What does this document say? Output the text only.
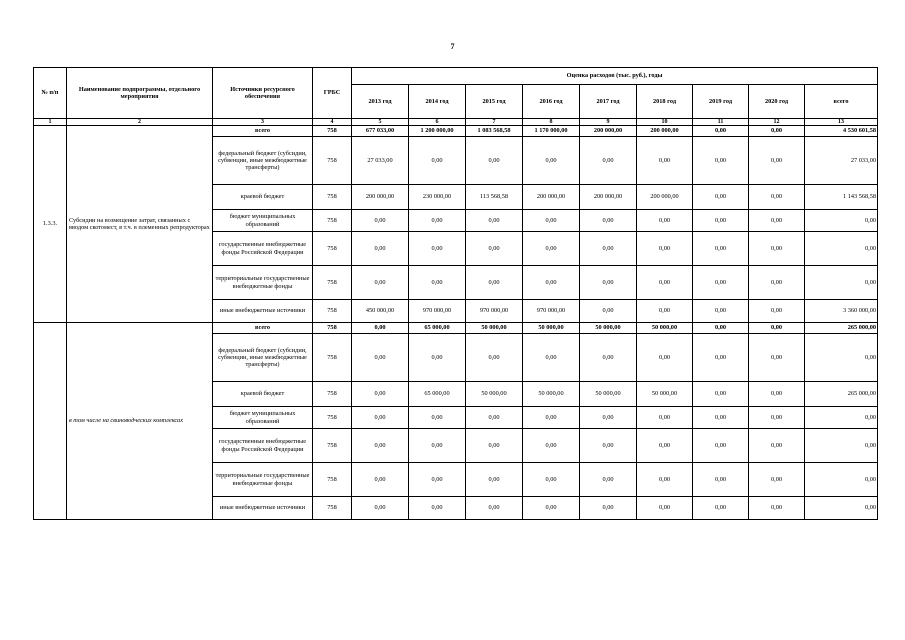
7
№ п/п	Наименование подпрограммы, отдельного мероприятия	Источники ресурсного обеспечения	ГРБС	Оценка расходов (тыс. руб.), годы								
				2013 год	2014 год	2015 год	2016 год	2017 год	2018 год	2019 год	2020 год	всего
1	2	3	4	5	6	7	8	9	10	11	12	13
1.3.3.	Субсидии на возмещение затрат, связанных с вводом скотомест, в т.ч. в племенных репродукторах	всего	758	677 033,00	1 200 000,00	1 083 568,58	1 170 000,00	200 000,00	200 000,00	0,00	0,00	4 530 601,58
		федеральный бюджет (субсидии, субвенции, иные межбюджетные трансферты)	758	27 033,00	0,00	0,00	0,00	0,00	0,00	0,00	0,00	27 033,00
		краевой бюджет	758	200 000,00	230 000,00	113 568,58	200 000,00	200 000,00	200 000,00	0,00	0,00	1 143 568,58
		бюджет муниципальных образований	758	0,00	0,00	0,00	0,00	0,00	0,00	0,00	0,00	0,00
		государственные внебюджетные фонды Российской Федерации	758	0,00	0,00	0,00	0,00	0,00	0,00	0,00	0,00	0,00
		территориальные государственные внебюджетные фонды	758	0,00	0,00	0,00	0,00	0,00	0,00	0,00	0,00	0,00
		иные внебюджетные источники	758	450 000,00	970 000,00	970 000,00	970 000,00	0,00	0,00	0,00	0,00	3 360 000,00
	в том числе на свиноводческих комплексах	всего	758	0,00	65 000,00	50 000,00	50 000,00	50 000,00	50 000,00	0,00	0,00	265 000,00
		федеральный бюджет (субсидии, субвенции, иные межбюджетные трансферты)	758	0,00	0,00	0,00	0,00	0,00	0,00	0,00	0,00	0,00
		краевой бюджет	758	0,00	65 000,00	50 000,00	50 000,00	50 000,00	50 000,00	0,00	0,00	265 000,00
		бюджет муниципальных образований	758	0,00	0,00	0,00	0,00	0,00	0,00	0,00	0,00	0,00
		государственные внебюджетные фонды Российской Федерации	758	0,00	0,00	0,00	0,00	0,00	0,00	0,00	0,00	0,00
		территориальные государственные внебюджетные фонды	758	0,00	0,00	0,00	0,00	0,00	0,00	0,00	0,00	0,00
		иные внебюджетные источники	758	0,00	0,00	0,00	0,00	0,00	0,00	0,00	0,00	0,00
